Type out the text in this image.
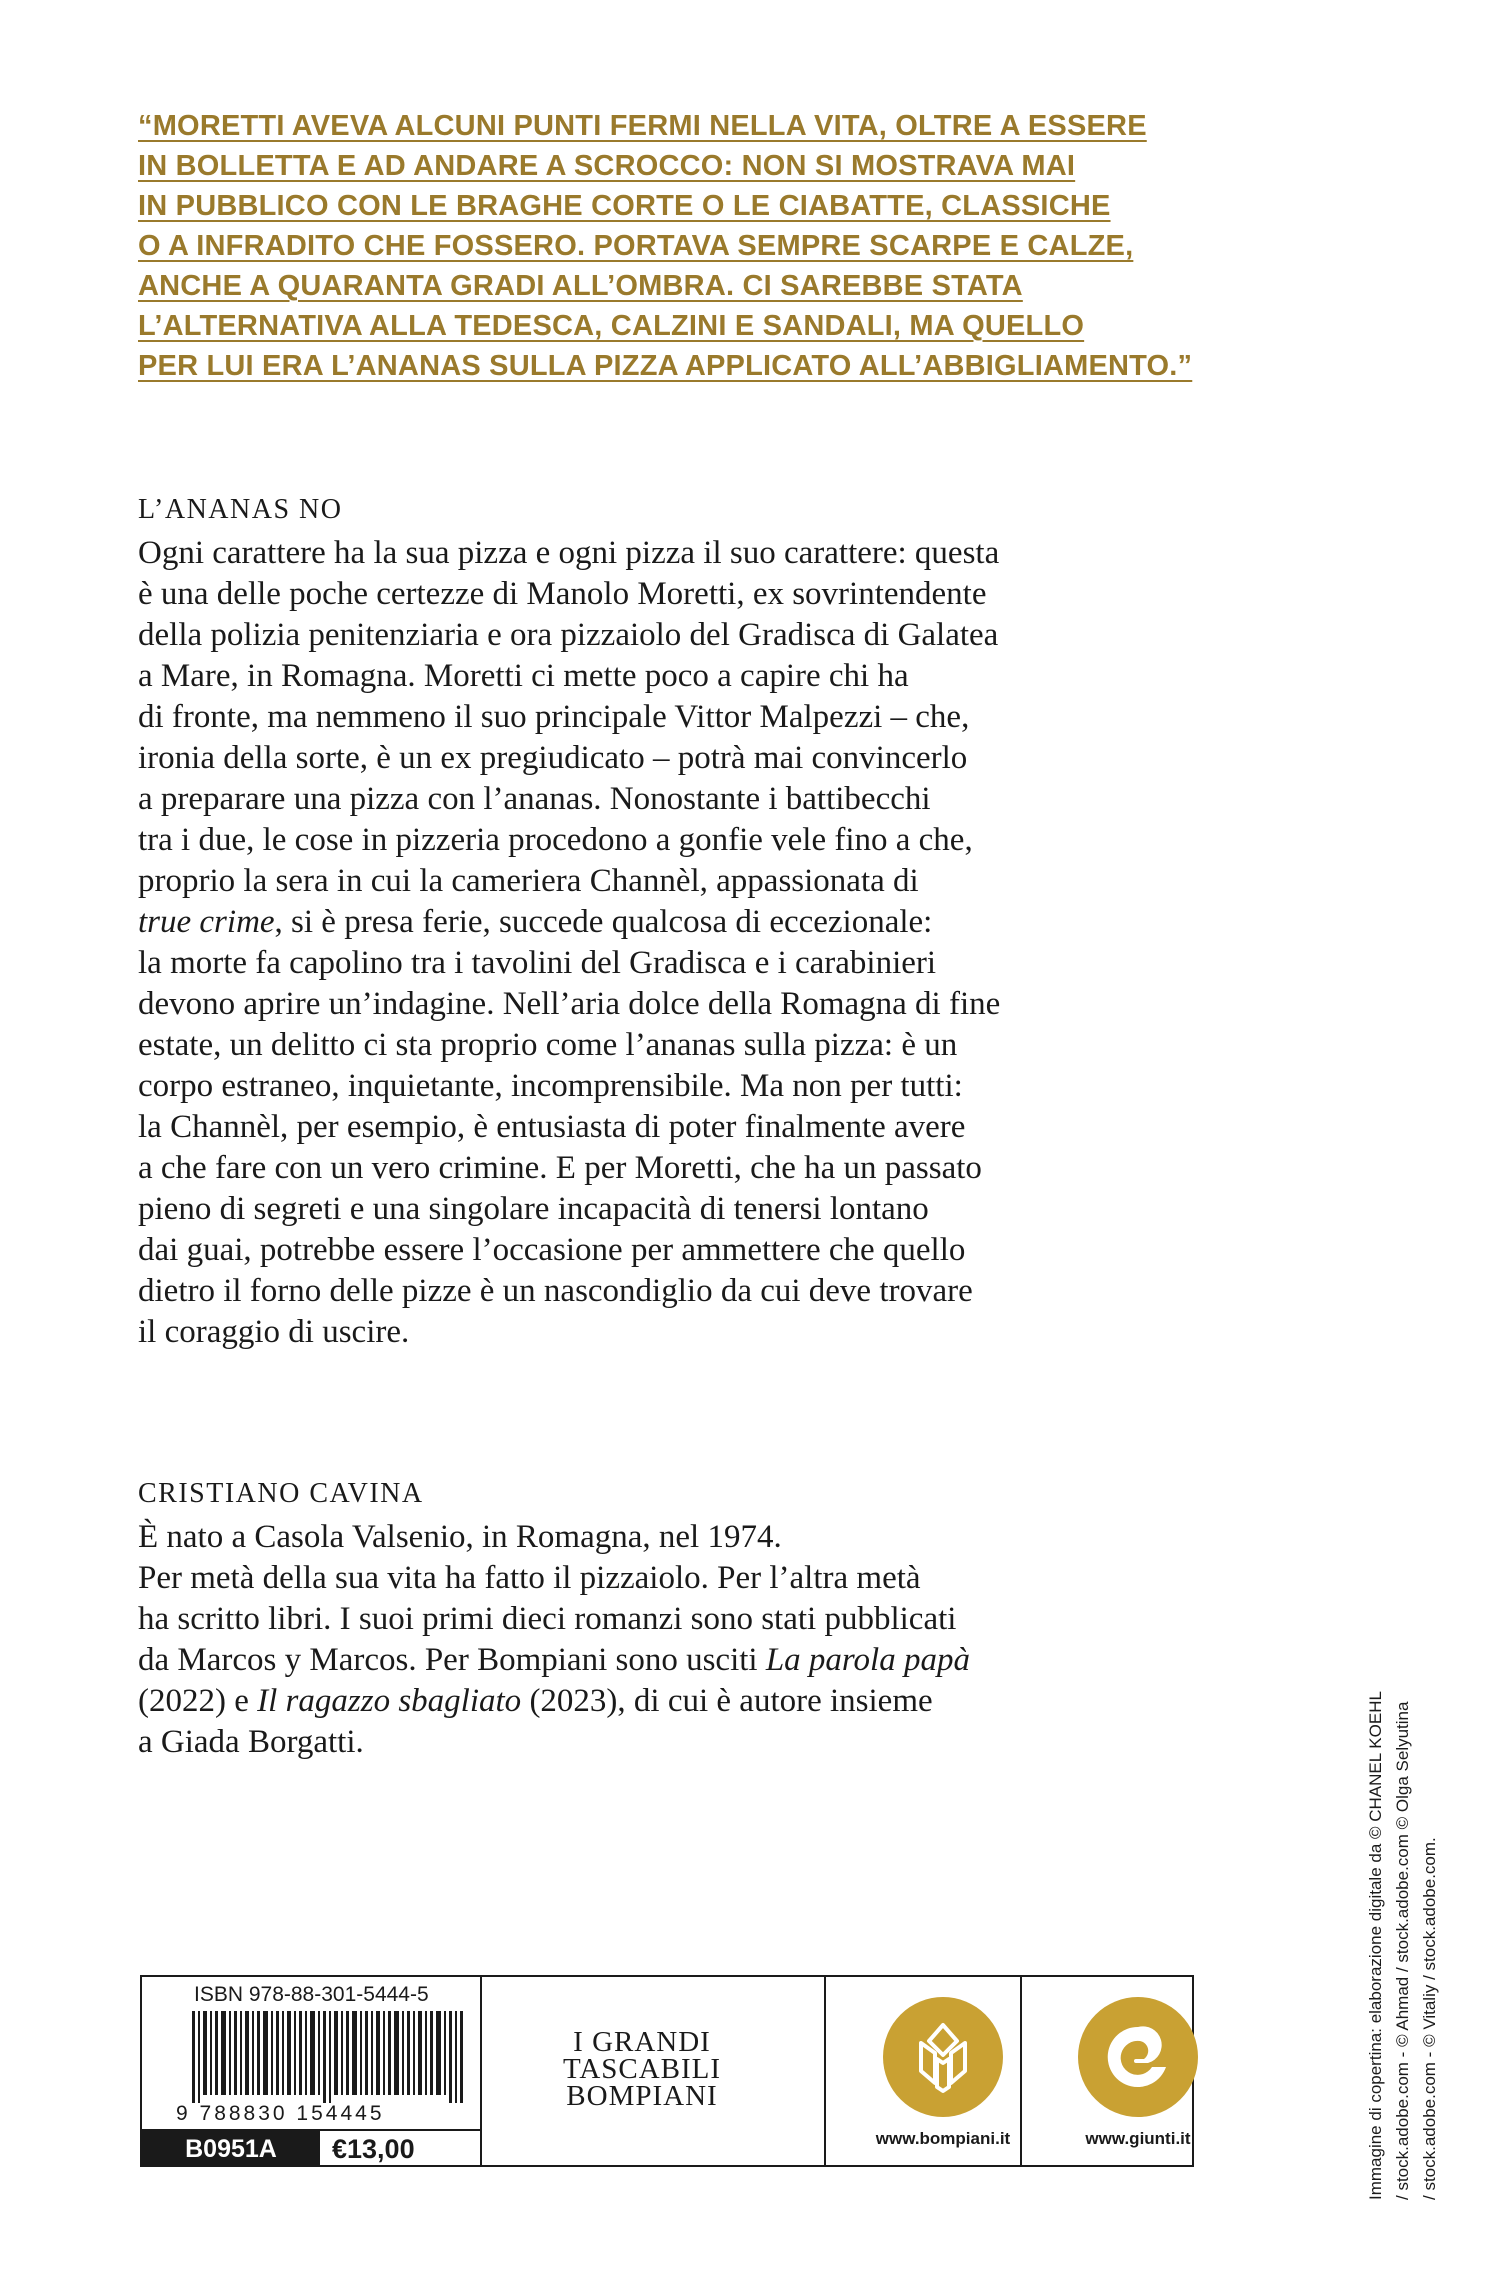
“MORETTI AVEVA ALCUNI PUNTI FERMI NELLA VITA, OLTRE A ESSERE
IN BOLLETTA E AD ANDARE A SCROCCO: NON SI MOSTRAVA MAI
IN PUBBLICO CON LE BRAGHE CORTE O LE CIABATTE, CLASSICHE
O A INFRADITO CHE FOSSERO. PORTAVA SEMPRE SCARPE E CALZE,
ANCHE A QUARANTA GRADI ALL’OMBRA. CI SAREBBE STATA
L’ALTERNATIVA ALLA TEDESCA, CALZINI E SANDALI, MA QUELLO
PER LUI ERA L’ANANAS SULLA PIZZA APPLICATO ALL’ABBIGLIAMENTO.”
L’ANANAS NO
Ogni carattere ha la sua pizza e ogni pizza il suo carattere: questa
è una delle poche certezze di Manolo Moretti, ex sovrintendente
della polizia penitenziaria e ora pizzaiolo del Gradisca di Galatea
a Mare, in Romagna. Moretti ci mette poco a capire chi ha
di fronte, ma nemmeno il suo principale Vittor Malpezzi – che,
ironia della sorte, è un ex pregiudicato – potrà mai convincerlo
a preparare una pizza con l’ananas. Nonostante i battibecchi
tra i due, le cose in pizzeria procedono a gonfie vele fino a che,
proprio la sera in cui la cameriera Channèl, appassionata di
true crime, si è presa ferie, succede qualcosa di eccezionale:
la morte fa capolino tra i tavolini del Gradisca e i carabinieri
devono aprire un’indagine. Nell’aria dolce della Romagna di fine
estate, un delitto ci sta proprio come l’ananas sulla pizza: è un
corpo estraneo, inquietante, incomprensibile. Ma non per tutti:
la Channèl, per esempio, è entusiasta di poter finalmente avere
a che fare con un vero crimine. E per Moretti, che ha un passato
pieno di segreti e una singolare incapacità di tenersi lontano
dai guai, potrebbe essere l’occasione per ammettere che quello
dietro il forno delle pizze è un nascondiglio da cui deve trovare
il coraggio di uscire.
CRISTIANO CAVINA
È nato a Casola Valsenio, in Romagna, nel 1974.
Per metà della sua vita ha fatto il pizzaiolo. Per l’altra metà
ha scritto libri. I suoi primi dieci romanzi sono stati pubblicati
da Marcos y Marcos. Per Bompiani sono usciti La parola papà
(2022) e Il ragazzo sbagliato (2023), di cui è autore insieme
a Giada Borgatti.	Immagine di copertina: elaborazione digitale da © CHANEL KOEHL / stock.adobe.com - © Ahmad / stock.adobe.com © Olga Selyutina / stock.adobe.com - © Vitaliy / stock.adobe.com.
ISBN 978-88-301-5444-5
9 788830 154445
B0951A	€13,00
I GRANDI
TASCABILI
BOMPIANI
www.bompiani.it	www.giunti.it
